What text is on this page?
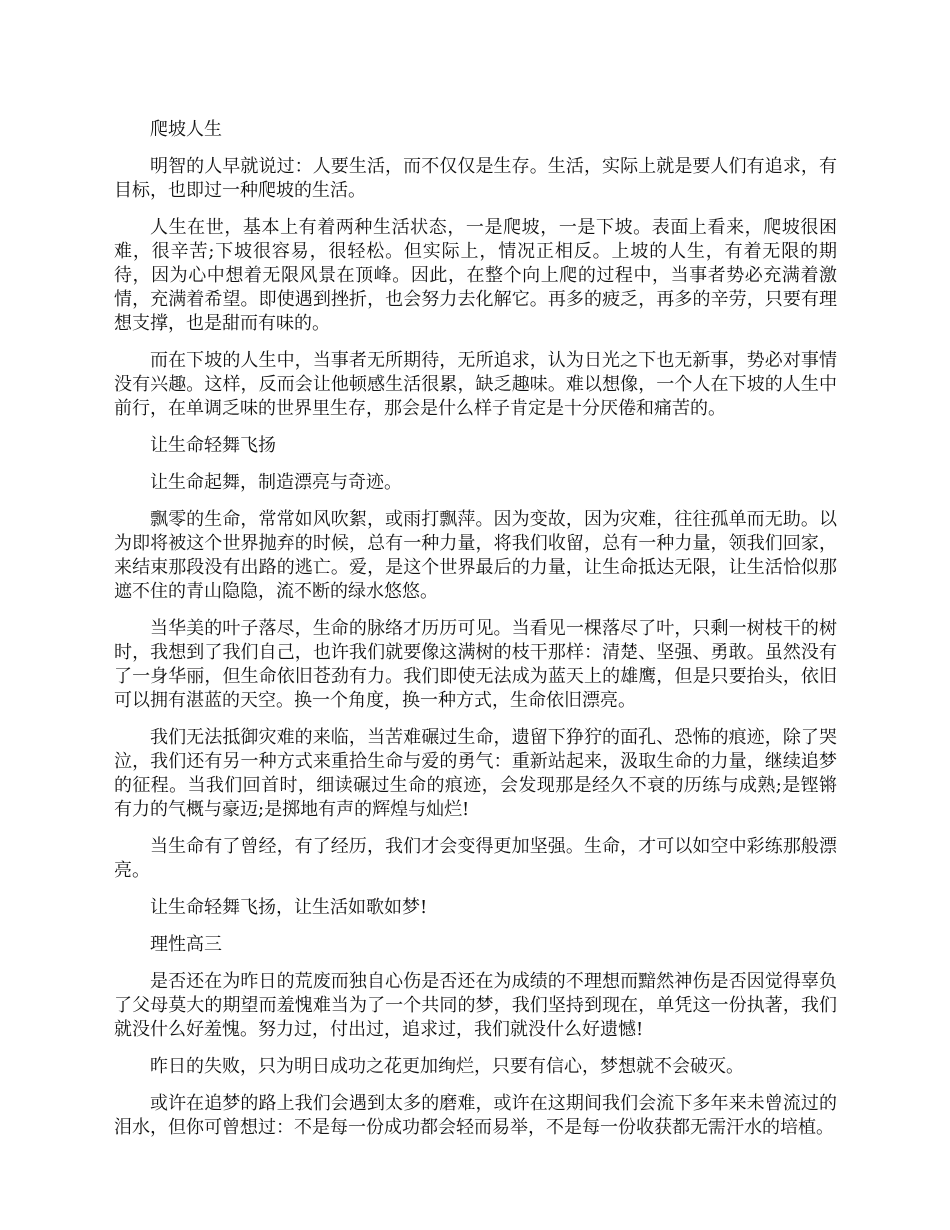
爬坡人生

明智的人早就说过：人要生活，而不仅仅是生存。生活，实际上就是要人们有追求，有目标，也即过一种爬坡的生活。

人生在世，基本上有着两种生活状态，一是爬坡，一是下坡。表面上看来，爬坡很困难，很辛苦;下坡很容易，很轻松。但实际上，情况正相反。上坡的人生，有着无限的期待，因为心中想着无限风景在顶峰。因此，在整个向上爬的过程中，当事者势必充满着激情，充满着希望。即使遇到挫折，也会努力去化解它。再多的疲乏，再多的辛劳，只要有理想支撑，也是甜而有味的。

而在下坡的人生中，当事者无所期待，无所追求，认为日光之下也无新事，势必对事情没有兴趣。这样，反而会让他顿感生活很累，缺乏趣味。难以想像，一个人在下坡的人生中前行，在单调乏味的世界里生存，那会是什么样子肯定是十分厌倦和痛苦的。

让生命轻舞飞扬

让生命起舞，制造漂亮与奇迹。

飘零的生命，常常如风吹絮，或雨打飘萍。因为变故，因为灾难，往往孤单而无助。以为即将被这个世界抛弃的时候，总有一种力量，将我们收留，总有一种力量，领我们回家，来结束那段没有出路的逃亡。爱，是这个世界最后的力量，让生命抵达无限，让生活恰似那遮不住的青山隐隐，流不断的绿水悠悠。

当华美的叶子落尽，生命的脉络才历历可见。当看见一棵落尽了叶，只剩一树枝干的树时，我想到了我们自己，也许我们就要像这满树的枝干那样：清楚、坚强、勇敢。虽然没有了一身华丽，但生命依旧苍劲有力。我们即使无法成为蓝天上的雄鹰，但是只要抬头，依旧可以拥有湛蓝的天空。换一个角度，换一种方式，生命依旧漂亮。

我们无法抵御灾难的来临，当苦难碾过生命，遗留下狰狞的面孔、恐怖的痕迹，除了哭泣，我们还有另一种方式来重拾生命与爱的勇气：重新站起来，汲取生命的力量，继续追梦的征程。当我们回首时，细读碾过生命的痕迹，会发现那是经久不衰的历练与成熟;是铿锵有力的气概与豪迈;是掷地有声的辉煌与灿烂!

当生命有了曾经，有了经历，我们才会变得更加坚强。生命，才可以如空中彩练那般漂亮。

让生命轻舞飞扬，让生活如歌如梦!

理性高三

是否还在为昨日的荒废而独自心伤是否还在为成绩的不理想而黯然神伤是否因觉得辜负了父母莫大的期望而羞愧难当为了一个共同的梦，我们坚持到现在，单凭这一份执著，我们就没什么好羞愧。努力过，付出过，追求过，我们就没什么好遗憾!

昨日的失败，只为明日成功之花更加绚烂，只要有信心，梦想就不会破灭。

或许在追梦的路上我们会遇到太多的磨难，或许在这期间我们会流下多年来未曾流过的泪水，但你可曾想过：不是每一份成功都会轻而易举，不是每一份收获都无需汗水的培植。
